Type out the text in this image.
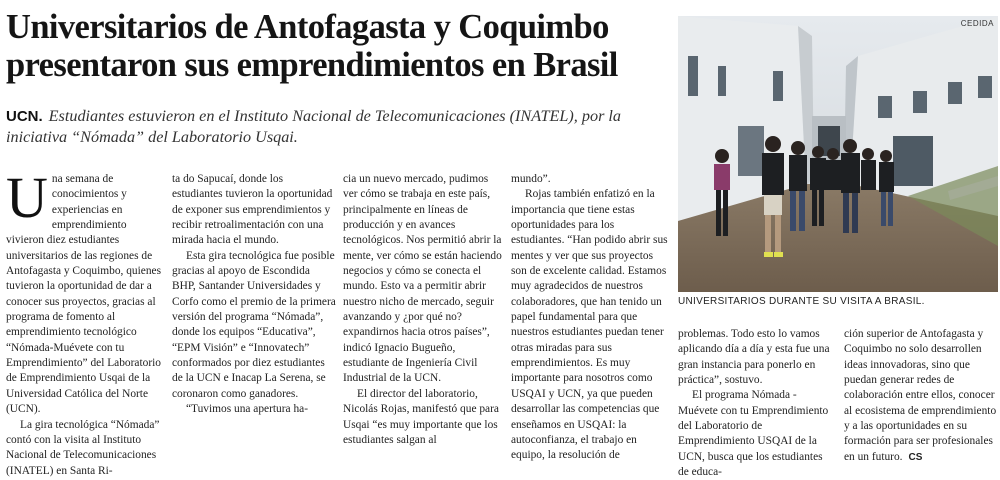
Universitarios de Antofagasta y Coquimbo
presentaron sus emprendimientos en Brasil
UCN. Estudiantes estuvieron en el Instituto Nacional de Telecomunicaciones (INATEL), por la iniciativa “Nómada” del Laboratorio Usqai.

Una semana de conocimientos y experiencias en emprendimiento vivieron diez estudiantes universitarios de las regiones de Antofagasta y Coquimbo, quienes tuvieron la oportunidad de dar a conocer sus proyectos, gracias al programa de fomento al emprendimiento tecnológico “Nómada-Muévete con tu Emprendimiento” del Laboratorio de Emprendimiento Usqai de la Universidad Católica del Norte (UCN).

La gira tecnológica “Nómada” contó con la visita al Instituto Nacional de Telecomunicaciones (INATEL) en Santa Ri-

ta do Sapucaí, donde los estudiantes tuvieron la oportunidad de exponer sus emprendimientos y recibir retroalimentación con una mirada hacia el mundo.

Esta gira tecnológica fue posible gracias al apoyo de Escondida BHP, Santander Universidades y Corfo como el premio de la primera versión del programa “Nómada”, donde los equipos “Educativa”, “EPM Visión” e “Innovatech” conformados por diez estudiantes de la UCN e Inacap La Serena, se coronaron como ganadores.

“Tuvimos una apertura ha-

cia un nuevo mercado, pudimos ver cómo se trabaja en este país, principalmente en líneas de producción y en avances tecnológicos. Nos permitió abrir la mente, ver cómo se están haciendo negocios y cómo se conecta el mundo. Esto va a permitir abrir nuestro nicho de mercado, seguir avanzando y ¿por qué no? expandirnos hacia otros países”, indicó Ignacio Bugueño, estudiante de Ingeniería Civil Industrial de la UCN.

El director del laboratorio, Nicolás Rojas, manifestó que para Usqai “es muy importante que los estudiantes salgan al

mundo”.

Rojas también enfatizó en la importancia que tiene estas oportunidades para los estudiantes. “Han podido abrir sus mentes y ver que sus proyectos son de excelente calidad. Estamos muy agradecidos de nuestros colaboradores, que han tenido un papel fundamental para que nuestros estudiantes puedan tener otras miradas para sus emprendimientos. Es muy importante para nosotros como USQAI y UCN, ya que pueden desarrollar las competencias que enseñamos en USQAI: la autoconfianza, el trabajo en equipo, la resolución de

problemas. Todo esto lo vamos aplicando día a día y esta fue una gran instancia para ponerlo en práctica”, sostuvo.

El programa Nómada - Muévete con tu Emprendimiento del Laboratorio de Emprendimiento USQAI de la UCN, busca que los estudiantes de educa-

ción superior de Antofagasta y Coquimbo no solo desarrollen ideas innovadoras, sino que puedan generar redes de colaboración entre ellos, conocer al ecosistema de emprendimiento y a las oportunidades en su formación para ser profesionales en un futuro. CS

CEDIDA
UNIVERSITARIOS DURANTE SU VISITA A BRASIL.
